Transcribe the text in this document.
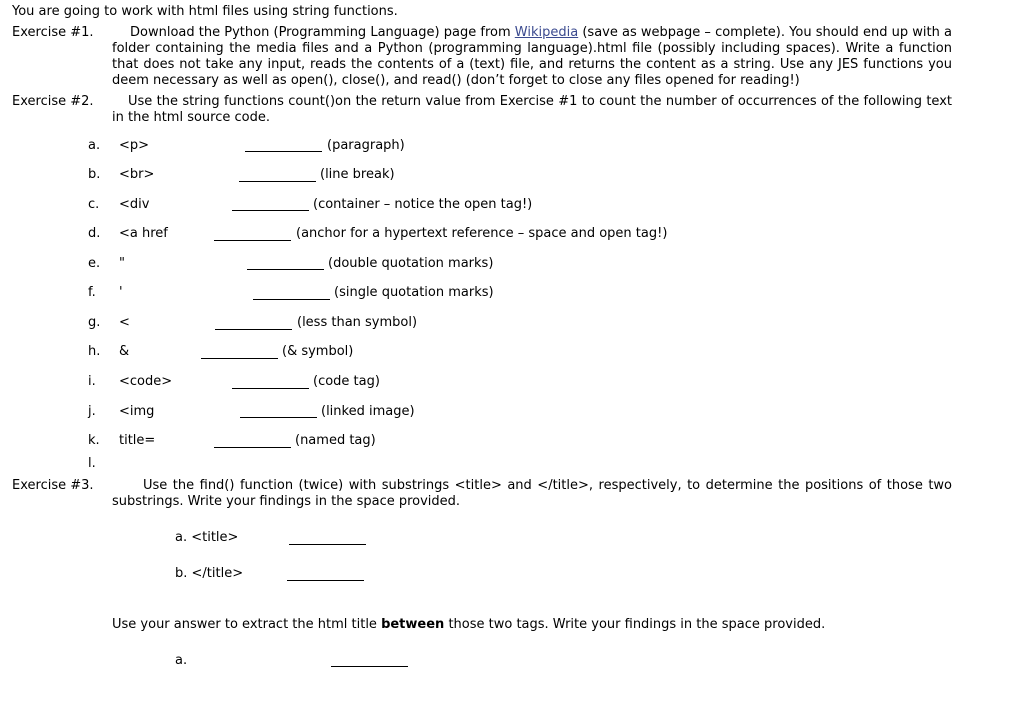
You are going to work with html files using string functions.
Exercise #1.	Download the Python (Programming Language) page from Wikipedia (save as webpage – complete). You should end up with a folder containing the media files and a Python (programming language).html file (possibly including spaces). Write a function that does not take any input, reads the contents of a (text) file, and returns the content as a string. Use any JES functions you deem necessary as well as open(), close(), and read() (don’t forget to close any files opened for reading!)
Exercise #2.	Use the string functions count()on the return value from Exercise #1 to count the number of occurrences of the following text in the html source code.
a. <p>	(paragraph)
b. <br>	(line break)
c. <div	(container – notice the open tag!)
d. <a href	(anchor for a hypertext reference – space and open tag!)
e. "	(double quotation marks)
f. '	(single quotation marks)
g. <	(less than symbol)
h. &	(& symbol)
i. <code>	(code tag)
j. <img	(linked image)
k. title=	(named tag)
l.
Exercise #3.	Use the find() function (twice) with substrings <title> and </title>, respectively, to determine the positions of those two substrings. Write your findings in the space provided.
a. <title>
b. </title>
Use your answer to extract the html title between those two tags. Write your findings in the space provided.
a.
